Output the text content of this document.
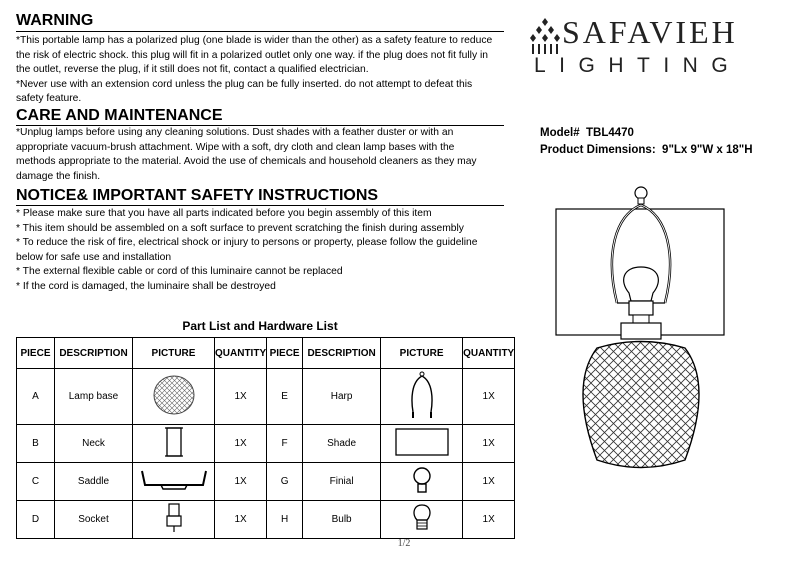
WARNING
*This portable lamp has a polarized plug (one blade is wider than the other) as a safety feature to reduce
the risk of electric shock. this plug will fit in a polarized outlet only one way. if the plug does not fit fully in
the outlet, reverse the plug, if it still does not fit, contact a qualified electrician.
*Never use with an extension cord unless the plug can be fully inserted. do not attempt to defeat this
safety feature.
CARE AND MAINTENANCE
*Unplug lamps before using any cleaning solutions. Dust shades with a feather duster or with an
appropriate vacuum-brush attachment. Wipe with a soft, dry cloth and clean lamp bases with the
methods appropriate to the material. Avoid the use of chemicals and household cleaners as they may
damage the finish.
NOTICE& IMPORTANT SAFETY INSTRUCTIONS
* Please make sure that you have all parts indicated before you begin assembly of this item
* This item should be assembled on a soft surface to prevent scratching the finish during assembly
* To reduce the risk of fire, electrical shock or injury to persons or property, please follow the guideline
below for safe use and installation
* The external flexible cable or cord of this luminaire cannot be replaced
* If the cord is damaged, the luminaire shall be destroyed
SAFAVIEH
LIGHTING
Model# TBL4470
Product Dimensions: 9"Lx 9"W x 18"H
Part List and Hardware List
PIECE	DESCRIPTION	PICTURE	QUANTITY	PIECE	DESCRIPTION	PICTURE	QUANTITY
A	Lamp base		1X	E	Harp		1X
B	Neck		1X	F	Shade		1X
C	Saddle		1X	G	Finial		1X
D	Socket		1X	H	Bulb		1X
1/2
